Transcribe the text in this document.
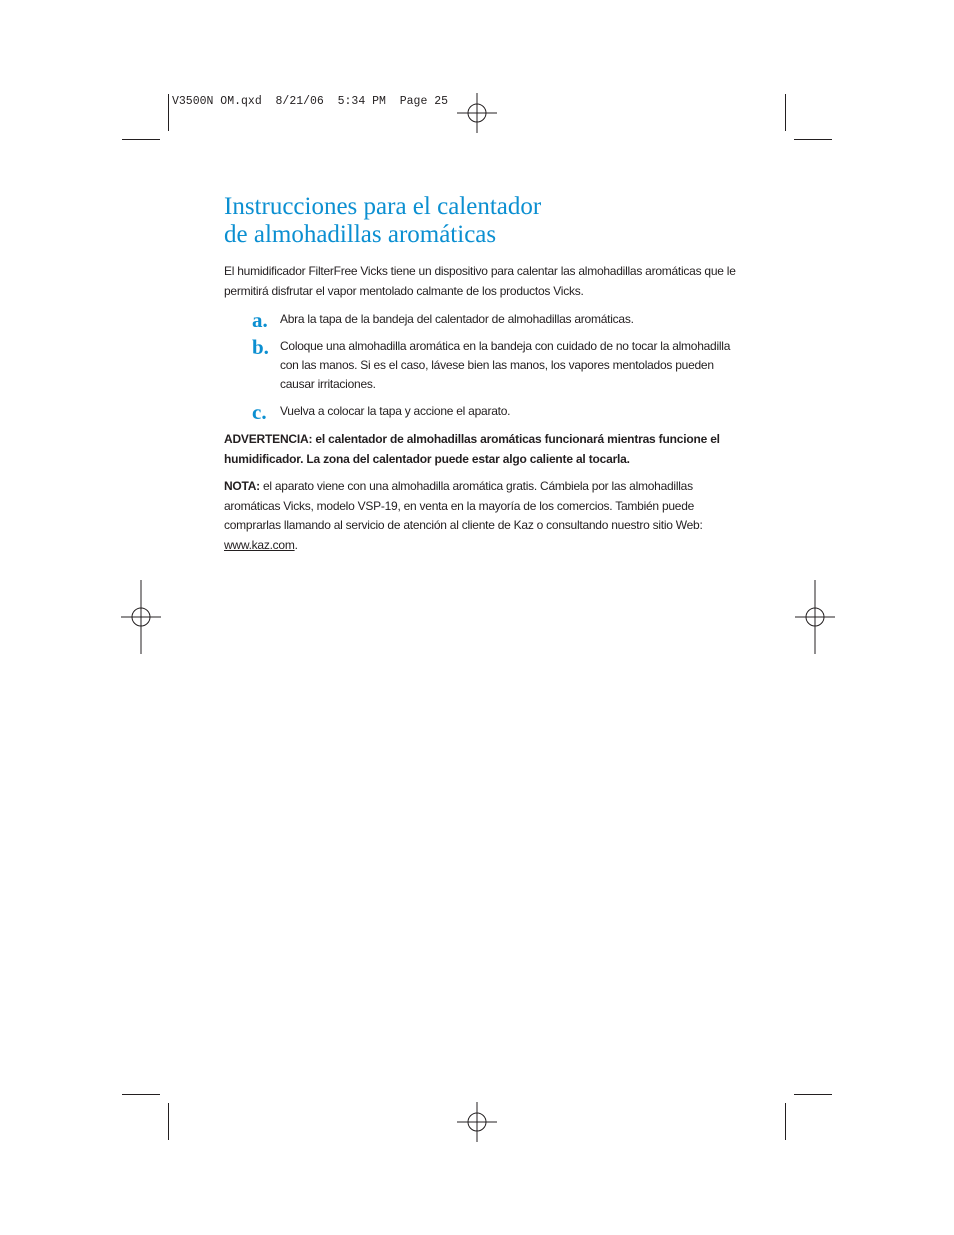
V3500N OM.qxd  8/21/06  5:34 PM  Page 25
Instrucciones para el calentador
de almohadillas aromáticas

El humidificador FilterFree Vicks tiene un dispositivo para calentar las almohadillas aromáticas que le permitirá disfrutar el vapor mentolado calmante de los productos Vicks.

a. Abra la tapa de la bandeja del calentador de almohadillas aromáticas.
b. Coloque una almohadilla aromática en la bandeja con cuidado de no tocar la almohadilla con las manos. Si es el caso, lávese bien las manos, los vapores mentolados pueden causar irritaciones.
c. Vuelva a colocar la tapa y accione el aparato.

ADVERTENCIA: el calentador de almohadillas aromáticas funcionará mientras funcione el humidificador. La zona del calentador puede estar algo caliente al tocarla.

NOTA: el aparato viene con una almohadilla aromática gratis. Cámbiela por las almohadillas aromáticas Vicks, modelo VSP-19, en venta en la mayoría de los comercios. También puede comprarlas llamando al servicio de atención al cliente de Kaz o consultando nuestro sitio Web: www.kaz.com.
